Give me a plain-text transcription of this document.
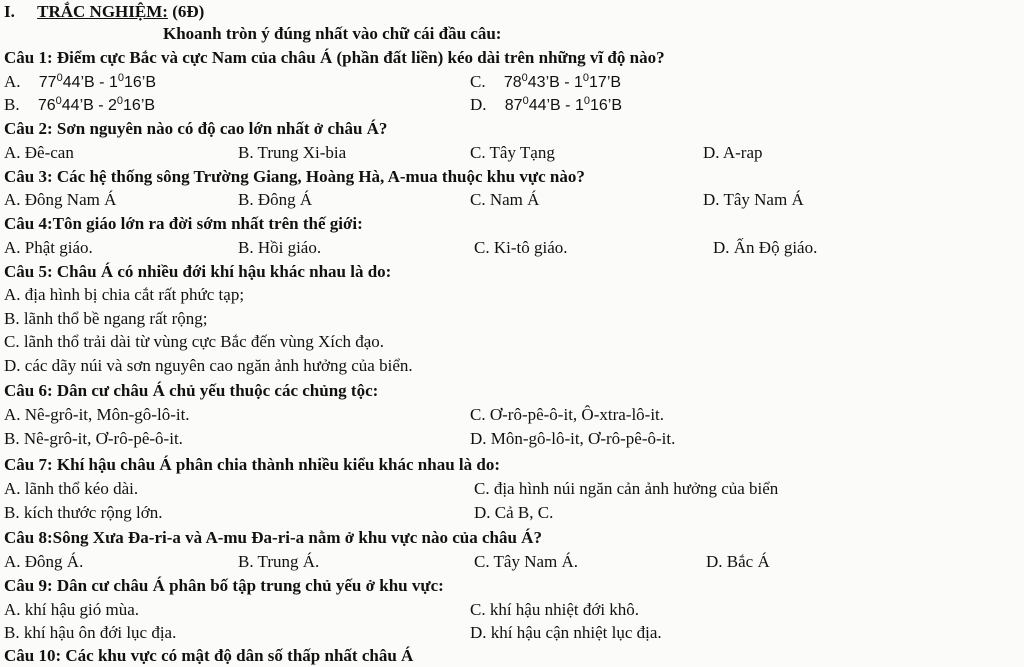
I. TRẮC NGHIỆM: (6Đ)
Khoanh tròn ý đúng nhất vào chữ cái đầu câu:
Câu 1: Điểm cực Bắc và cực Nam của châu Á (phần đất liền) kéo dài trên những vĩ độ nào?
A. $77^044’B$ - $1^016’B$
B. $76^044’B$ - $2^016’B$
C. $78^043’B$ - $1^017’B$
D. $87^044’B$ - $1^016’B$
Câu 2: Sơn nguyên nào có độ cao lớn nhất ở châu Á?
A. Đê-can	B. Trung Xi-bia	C. Tây Tạng	D. A-rap
Câu 3: Các hệ thống sông Trường Giang, Hoàng Hà, A-mua thuộc khu vực nào?
A. Đông Nam Á	B. Đông Á	C. Nam Á	D. Tây Nam Á
Câu 4:Tôn giáo lớn ra đời sớm nhất trên thế giới:
A. Phật giáo.	B. Hồi giáo.	C. Ki-tô giáo.	D. Ấn Độ giáo.
Câu 5: Châu Á có nhiều đới khí hậu khác nhau là do:
A. địa hình bị chia cắt rất phức tạp;
B. lãnh thổ bề ngang rất rộng;
C. lãnh thổ trải dài từ vùng cực Bắc đến vùng Xích đạo.
D. các dãy núi và sơn nguyên cao ngăn ảnh hưởng của biển.
Câu 6: Dân cư châu Á chủ yếu thuộc các chủng tộc:
A. Nê-grô-it, Môn-gô-lô-it.	C. Ơ-rô-pê-ô-it, Ô-xtra-lô-it.
B. Nê-grô-it, Ơ-rô-pê-ô-it.	D. Môn-gô-lô-it, Ơ-rô-pê-ô-it.
Câu 7: Khí hậu châu Á phân chia thành nhiều kiểu khác nhau là do:
A. lãnh thổ kéo dài.	C. địa hình núi ngăn cản ảnh hưởng của biển
B. kích thước rộng lớn.	D. Cả B, C.
Câu 8:Sông Xưa Đa-ri-a và A-mu Đa-ri-a nằm ở khu vực nào của châu Á?
A. Đông Á.	B. Trung Á.	C. Tây Nam Á.	D. Bắc Á
Câu 9: Dân cư châu Á phân bố tập trung chủ yếu ở khu vực:
A. khí hậu gió mùa.	C. khí hậu nhiệt đới khô.
B. khí hậu ôn đới lục địa.	D. khí hậu cận nhiệt lục địa.
Câu 10: Các khu vực có mật độ dân số thấp nhất châu Á
